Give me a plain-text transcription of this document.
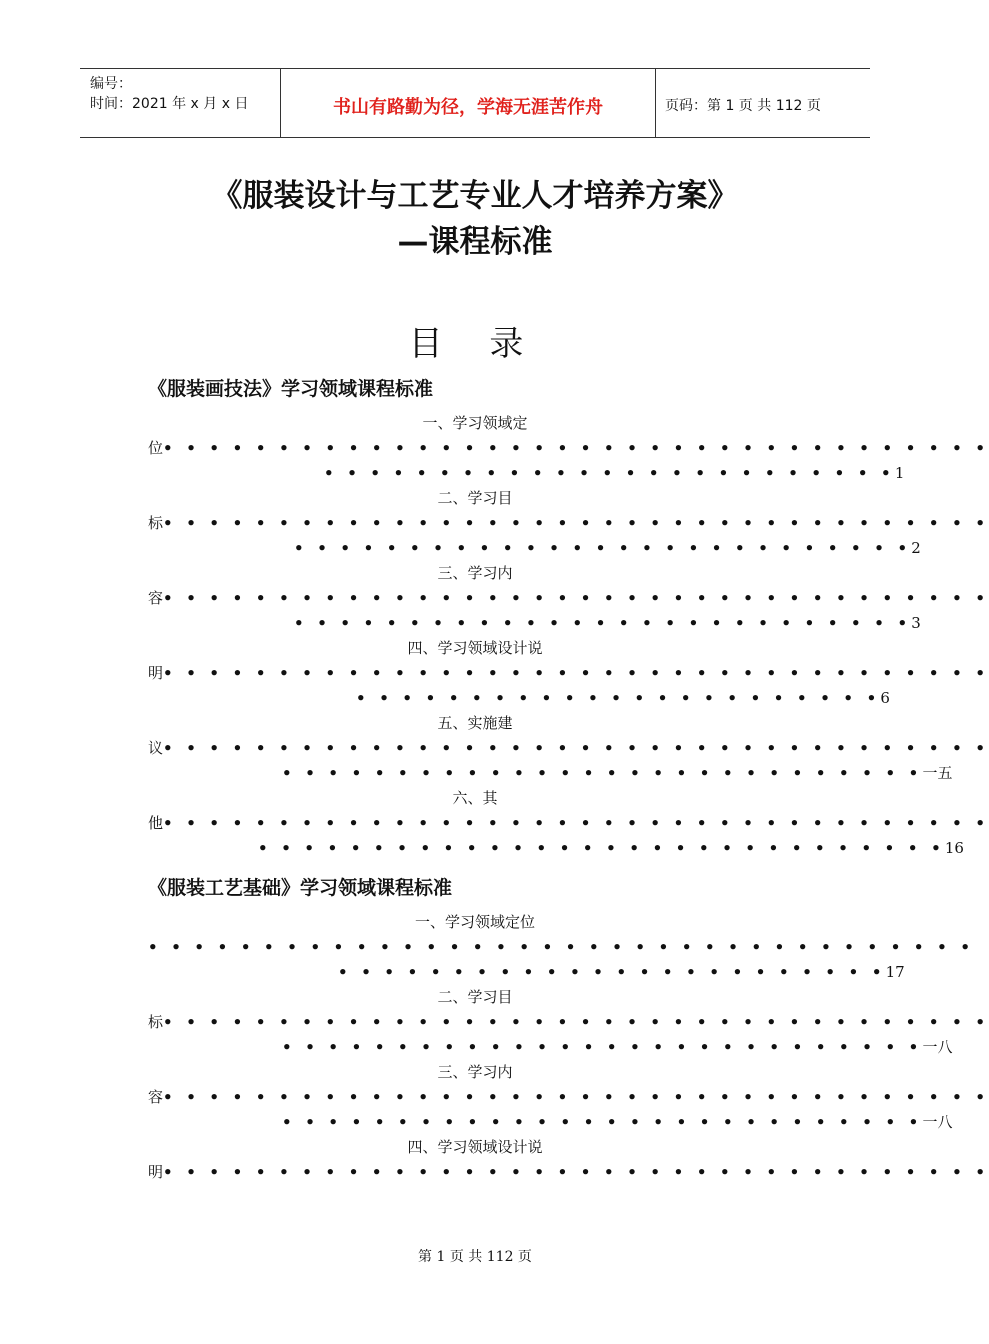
编号：
时间：2021 年 x 月 x 日	书山有路勤为径，学海无涯苦作舟	页码：第 1 页 共 112 页
《服装设计与工艺专业人才培养方案》
—课程标准
目 录
《服装画技法》学习领域课程标准
一、学习领域定
位• • • • • • • • • • • • • • • • • • • • • • • • • • • • • • • • • • • •
• • • • • • • • • • • • • • • • • • • • • • • • •1
二、学习目
标• • • • • • • • • • • • • • • • • • • • • • • • • • • • • • • • • • • •
• • • • • • • • • • • • • • • • • • • • • • • • • • •2
三、学习内
容• • • • • • • • • • • • • • • • • • • • • • • • • • • • • • • • • • • •
• • • • • • • • • • • • • • • • • • • • • • • • • • •3
四、学习领域设计说
明• • • • • • • • • • • • • • • • • • • • • • • • • • • • • • • • • • • •
• • • • • • • • • • • • • • • • • • • • • • •6
五、实施建
议• • • • • • • • • • • • • • • • • • • • • • • • • • • • • • • • • • • •
• • • • • • • • • • • • • • • • • • • • • • • • • • • •一五
六、其
他• • • • • • • • • • • • • • • • • • • • • • • • • • • • • • • • • • • •
• • • • • • • • • • • • • • • • • • • • • • • • • • • • • •16
《服装工艺基础》学习领域课程标准
一、学习领域定位
• • • • • • • • • • • • • • • • • • • • • • • • • • • • • • • • • • • •
• • • • • • • • • • • • • • • • • • • • • • • •17
二、学习目
标• • • • • • • • • • • • • • • • • • • • • • • • • • • • • • • • • • • •
• • • • • • • • • • • • • • • • • • • • • • • • • • • •一八
三、学习内
容• • • • • • • • • • • • • • • • • • • • • • • • • • • • • • • • • • • •
• • • • • • • • • • • • • • • • • • • • • • • • • • • •一八
四、学习领域设计说
明• • • • • • • • • • • • • • • • • • • • • • • • • • • • • • • • • • • •
第 1 页 共 112 页
